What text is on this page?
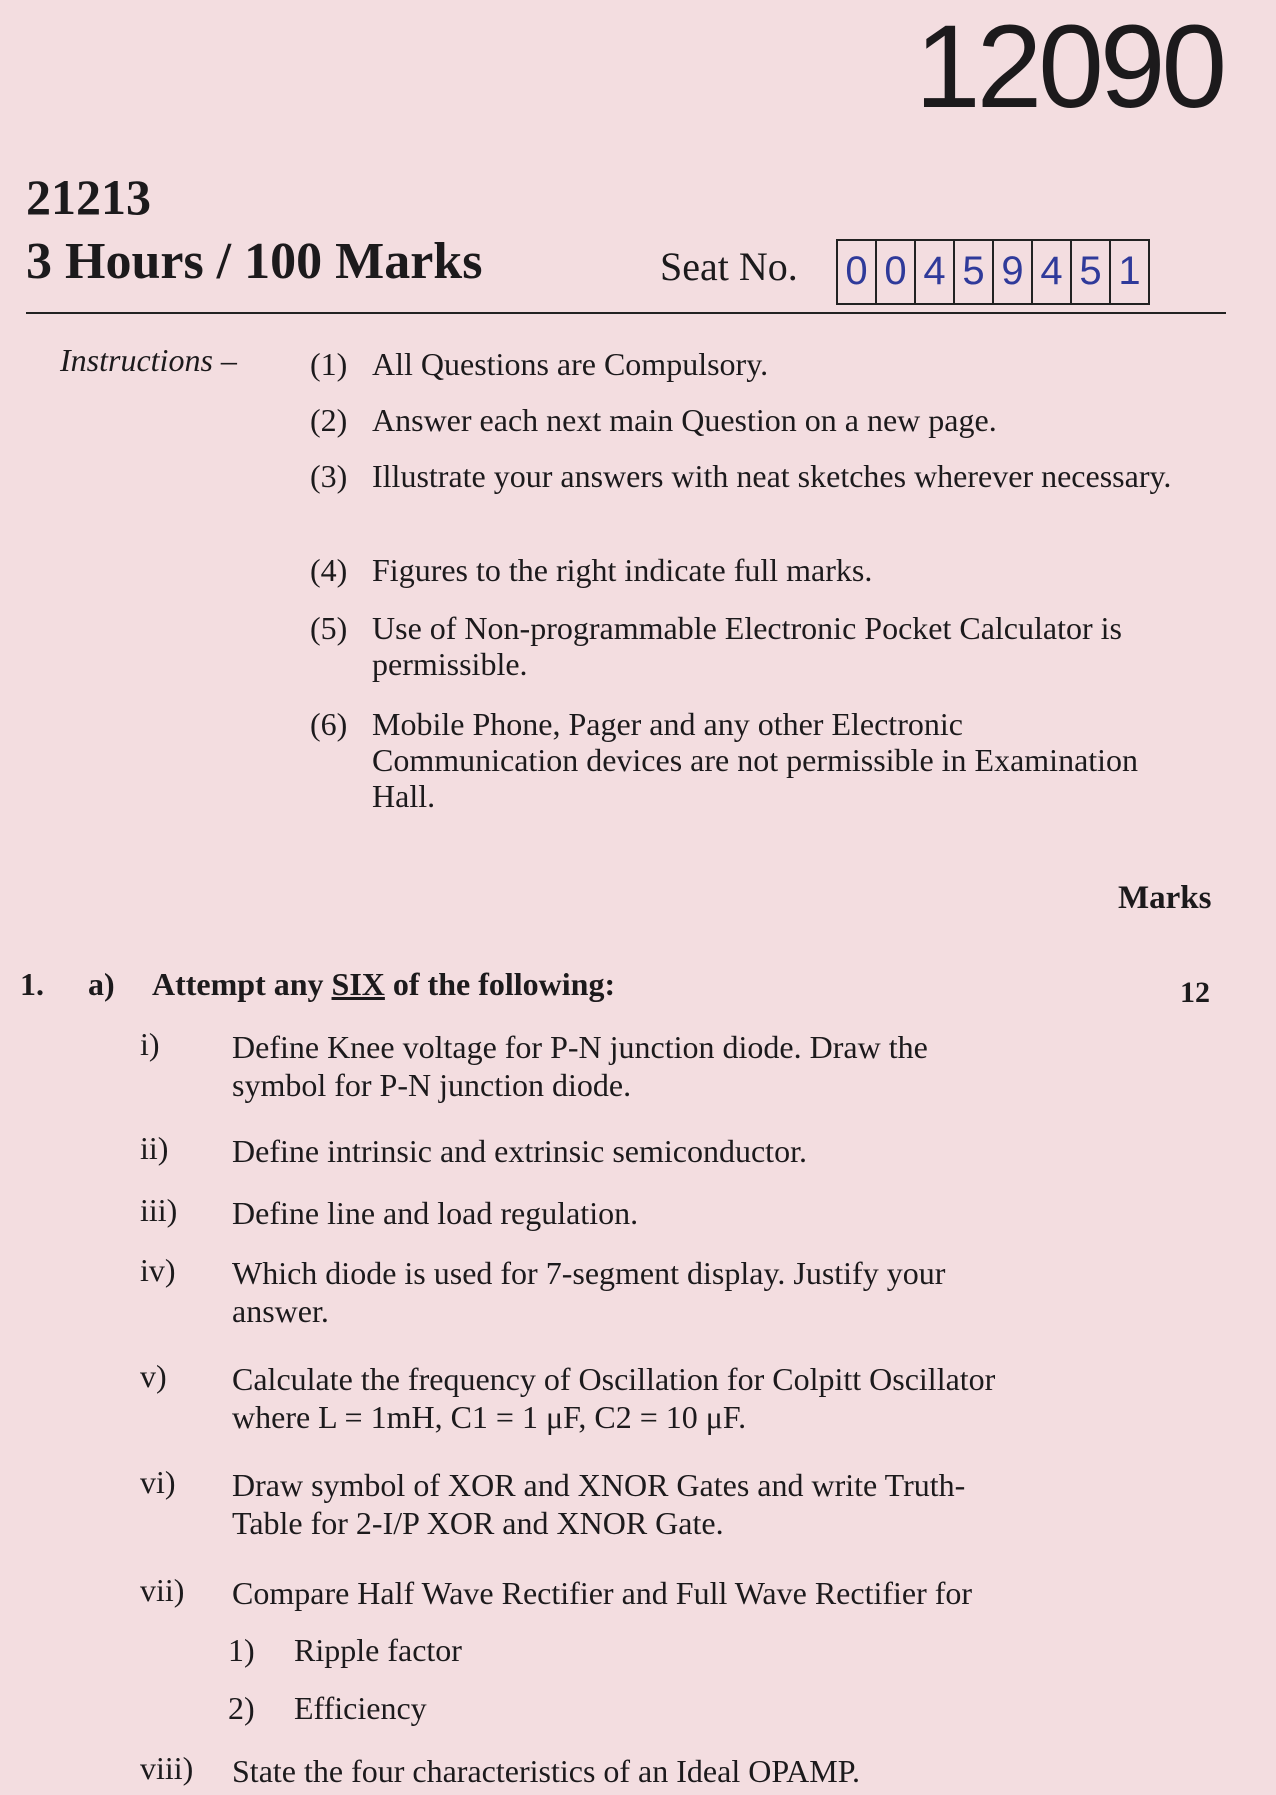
12090
21213
3 Hours / 100 Marks	Seat No. 0 0 4 5 9 4 5 1
Instructions – (1) All Questions are Compulsory.
(2) Answer each next main Question on a new page.
(3) Illustrate your answers with neat sketches wherever necessary.
(4) Figures to the right indicate full marks.
(5) Use of Non-programmable Electronic Pocket Calculator is permissible.
(6) Mobile Phone, Pager and any other Electronic Communication devices are not permissible in Examination Hall.
Marks
1. a) Attempt any SIX of the following:	12
i) Define Knee voltage for P-N junction diode. Draw the
symbol for P-N junction diode.
ii) Define intrinsic and extrinsic semiconductor.
iii) Define line and load regulation.
iv) Which diode is used for 7-segment display. Justify your
answer.
v) Calculate the frequency of Oscillation for Colpitt Oscillator
where L = 1mH, C1 = 1 μF, C2 = 10 μF.
vi) Draw symbol of XOR and XNOR Gates and write Truth-
Table for 2-I/P XOR and XNOR Gate.
vii) Compare Half Wave Rectifier and Full Wave Rectifier for
1) Ripple factor
2) Efficiency
viii) State the four characteristics of an Ideal OPAMP.
